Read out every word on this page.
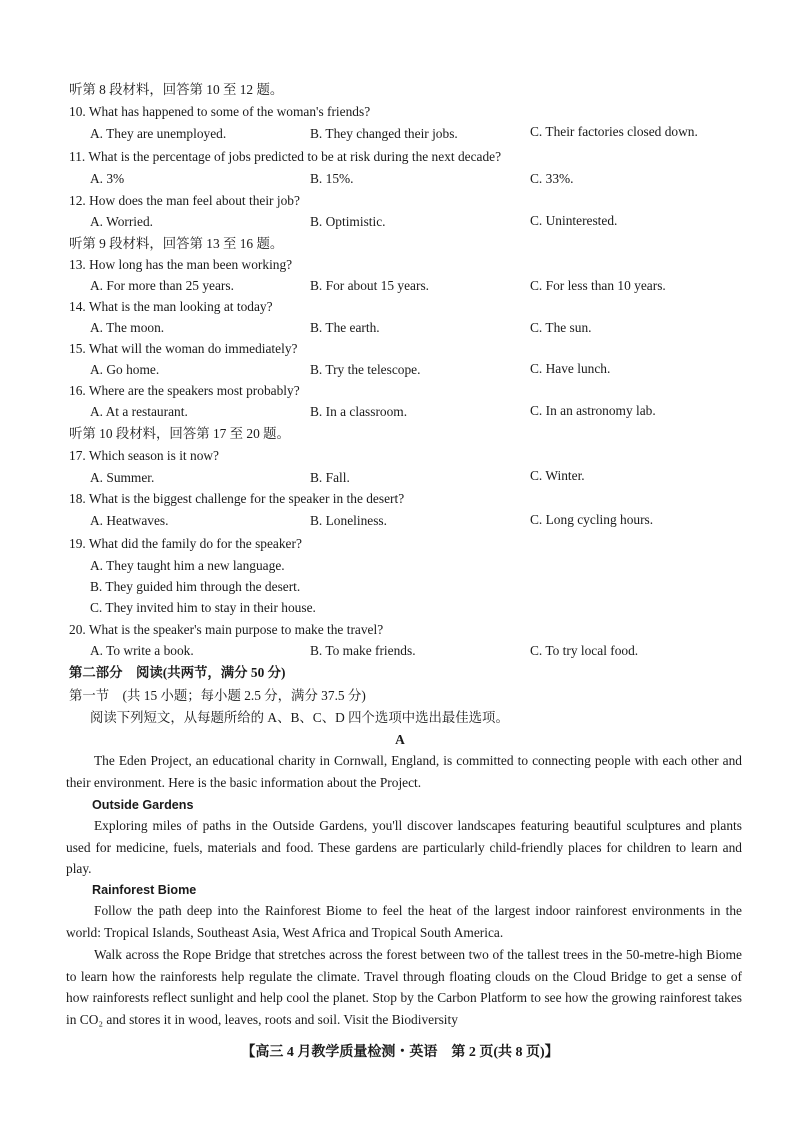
听第 8 段材料，回答第 10 至 12 题。
10. What has happened to some of the woman's friends?
A. They are unemployed.	B. They changed their jobs.	C. Their factories closed down.
11. What is the percentage of jobs predicted to be at risk during the next decade?
A. 3%	B. 15%.	C. 33%.
12. How does the man feel about their job?
A. Worried.	B. Optimistic.	C. Uninterested.
听第 9 段材料，回答第 13 至 16 题。
13. How long has the man been working?
A. For more than 25 years.	B. For about 15 years.	C. For less than 10 years.
14. What is the man looking at today?
A. The moon.	B. The earth.	C. The sun.
15. What will the woman do immediately?
A. Go home.	B. Try the telescope.	C. Have lunch.
16. Where are the speakers most probably?
A. At a restaurant.	B. In a classroom.	C. In an astronomy lab.
听第 10 段材料，回答第 17 至 20 题。
17. Which season is it now?
A. Summer.	B. Fall.	C. Winter.
18. What is the biggest challenge for the speaker in the desert?
A. Heatwaves.	B. Loneliness.	C. Long cycling hours.
19. What did the family do for the speaker?
A. They taught him a new language.
B. They guided him through the desert.
C. They invited him to stay in their house.
20. What is the speaker's main purpose to make the travel?
A. To write a book.	B. To make friends.	C. To try local food.
第二部分　阅读(共两节，满分 50 分)
第一节　(共 15 小题；每小题 2.5 分，满分 37.5 分)
阅读下列短文，从每题所给的 A、B、C、D 四个选项中选出最佳选项。
A
The Eden Project, an educational charity in Cornwall, England, is committed to connecting people with each other and their environment. Here is the basic information about the Project.
Outside Gardens
Exploring miles of paths in the Outside Gardens, you'll discover landscapes featuring beautiful sculptures and plants used for medicine, fuels, materials and food. These gardens are particularly child-friendly places for children to learn and play.
Rainforest Biome
Follow the path deep into the Rainforest Biome to feel the heat of the largest indoor rainforest environments in the world: Tropical Islands, Southeast Asia, West Africa and Tropical South America.
Walk across the Rope Bridge that stretches across the forest between two of the tallest trees in the 50-metre-high Biome to learn how the rainforests help regulate the climate. Travel through floating clouds on the Cloud Bridge to get a sense of how rainforests reflect sunlight and help cool the planet. Stop by the Carbon Platform to see how the growing rainforest takes in CO₂ and stores it in wood, leaves, roots and soil. Visit the Biodiversity
【高三 4 月教学质量检测・英语　第 2 页(共 8 页)】
